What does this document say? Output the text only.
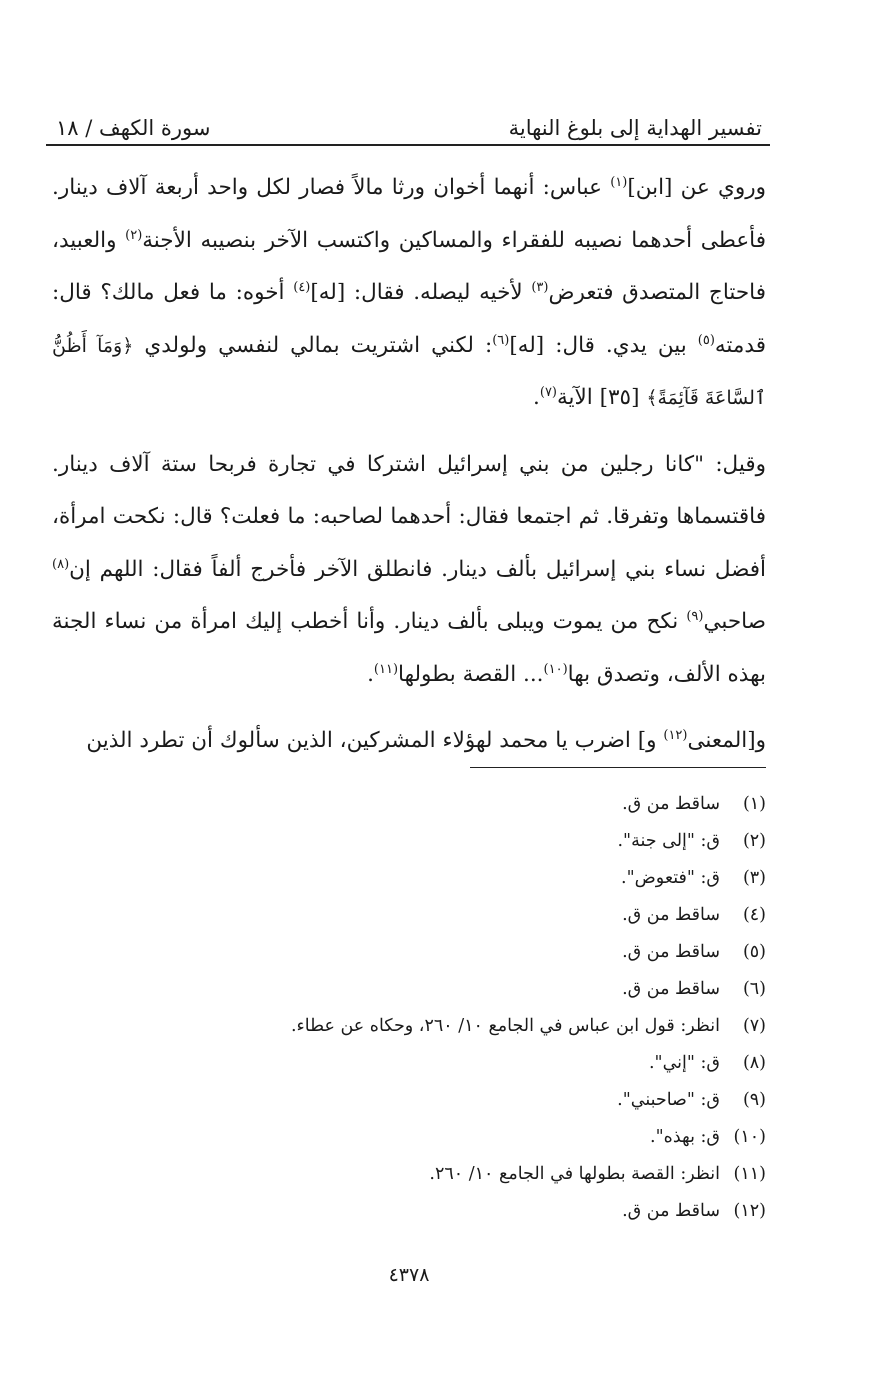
تفسير الهداية إلى بلوغ النهاية
سورة الكهف / ١٨

وروي عن [ابن]$^{(١)}$ عباس: أنهما أخوان ورثا مالاً فصار لكل واحد أربعة آلاف دينار. فأعطى أحدهما نصيبه للفقراء والمساكين واكتسب الآخر بنصيبه الأجنة$^{(٢)}$ والعبيد، فاحتاج المتصدق فتعرض$^{(٣)}$ لأخيه ليصله. فقال: [له]$^{(٤)}$ أخوه: ما فعل مالك؟ قال: قدمته$^{(٥)}$ بين يدي. قال: [له]$^{(٦)}$: لكني اشتريت بمالي لنفسي ولولدي ﴿وَمَآ أَظُنُّ ٱلسَّاعَةَ قَآئِمَةً﴾ [٣٥] الآية$^{(٧)}$.

وقيل: "كانا رجلين من بني إسرائيل اشتركا في تجارة فربحا ستة آلاف دينار. فاقتسماها وتفرقا. ثم اجتمعا فقال: أحدهما لصاحبه: ما فعلت؟ قال: نكحت امرأة، أفضل نساء بني إسرائيل بألف دينار. فانطلق الآخر فأخرج ألفاً فقال: اللهم إن$^{(٨)}$ صاحبي$^{(٩)}$ نكح من يموت ويبلى بألف دينار. وأنا أخطب إليك امرأة من نساء الجنة بهذه الألف، وتصدق بها$^{(١٠)}$... القصة بطولها$^{(١١)}$.

و[المعنى$^{(١٢)}$ و] اضرب يا محمد لهؤلاء المشركين، الذين سألوك أن تطرد الذين

(١)
ساقط من ق.
(٢)
ق: "إلى جنة".
(٣)
ق: "فتعوض".
(٤)
ساقط من ق.
(٥)
ساقط من ق.
(٦)
ساقط من ق.
(٧)
انظر: قول ابن عباس في الجامع ١٠/ ٢٦٠، وحكاه عن عطاء.
(٨)
ق: "إني".
(٩)
ق: "صاحبني".
(١٠)
ق: بهذه".
(١١)
انظر: القصة بطولها في الجامع ١٠/ ٢٦٠.
(١٢)
ساقط من ق.
٤٣٧٨
